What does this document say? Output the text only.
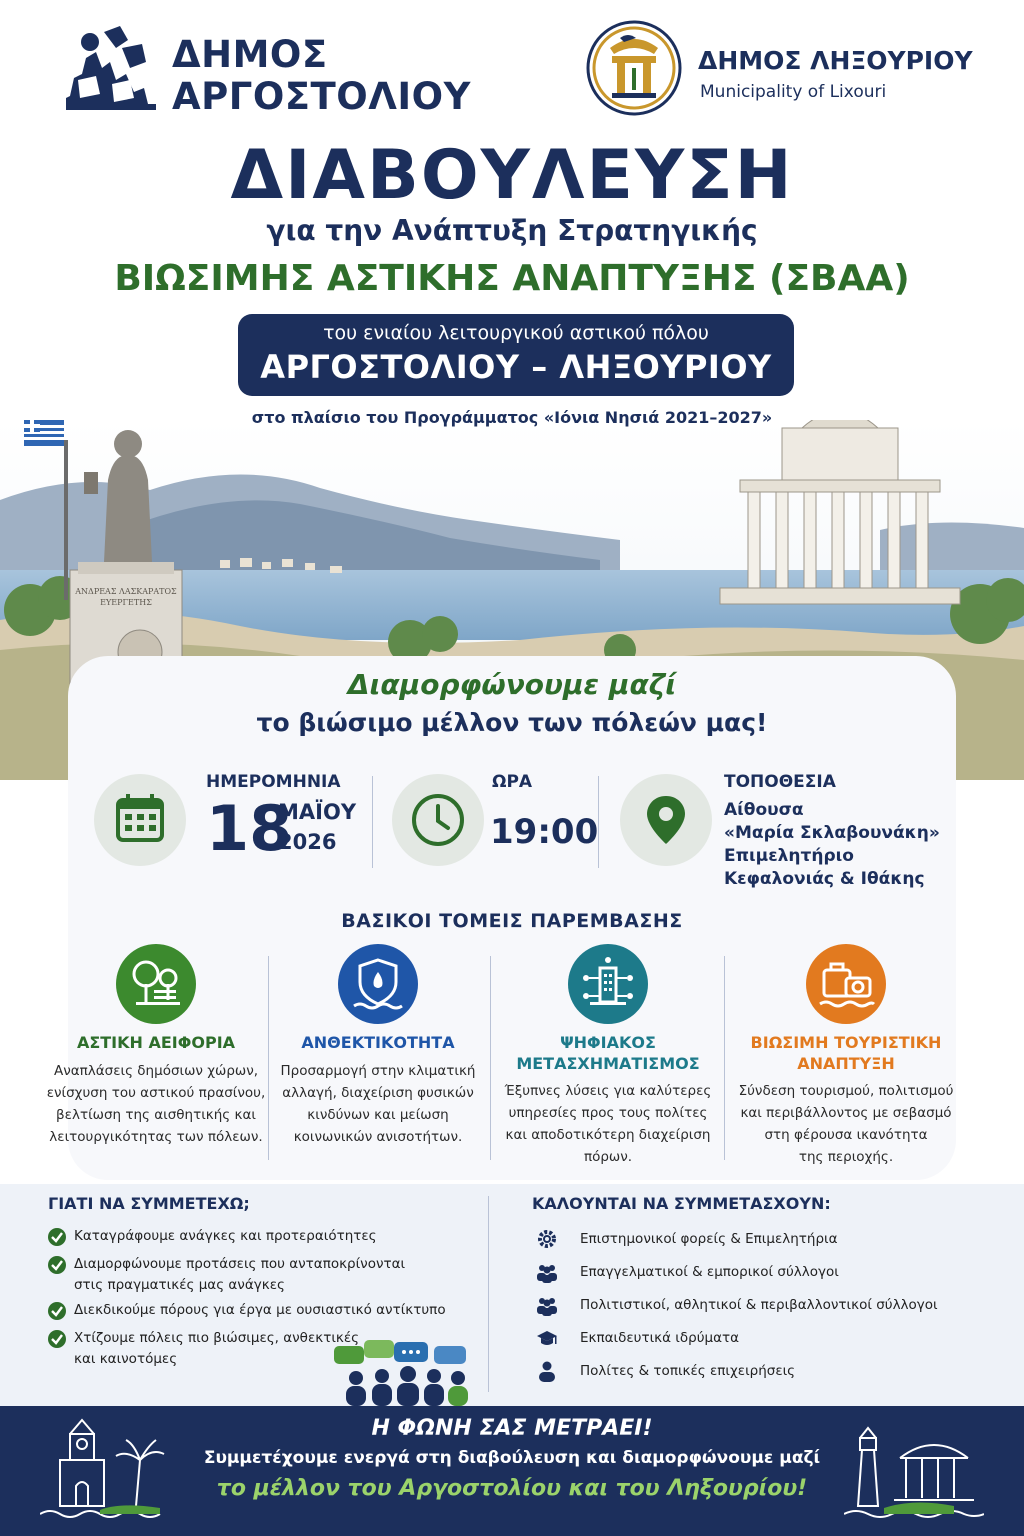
ΔΗΜΟΣ
ΑΡΓΟΣΤΟΛΙΟΥ
ΔΗΜΟΣ ΛΗΞΟΥΡΙΟΥ
Municipality of Lixouri
ΔΙΑΒΟΥΛΕΥΣΗ
για την Ανάπτυξη Στρατηγικής
ΒΙΩΣΙΜΗΣ ΑΣΤΙΚΗΣ ΑΝΑΠΤΥΞΗΣ (ΣΒΑΑ)
του ενιαίου λειτουργικού αστικού πόλου
ΑΡΓΟΣΤΟΛΙΟΥ – ΛΗΞΟΥΡΙΟΥ
στο πλαίσιο του Προγράμματος «Ιόνια Νησιά 2021–2027»
ΑΝΔΡΕΑΣ ΛΑΣΚΑΡΑΤΟΣ
ΕΥΕΡΓΕΤΗΣ
Διαμορφώνουμε μαζί
το βιώσιμο μέλλον των πόλεών μας!
ΗΜΕΡΟΜΗΝΙΑ
18
ΜΑΪΟΥ
2026
ΩΡΑ
19:00
ΤΟΠΟΘΕΣΙΑ
Αίθουσα
«Μαρία Σκλαβουνάκη»
Επιμελητήριο
Κεφαλονιάς & Ιθάκης
ΒΑΣΙΚΟΙ ΤΟΜΕΙΣ ΠΑΡΕΜΒΑΣΗΣ
ΑΣΤΙΚΗ ΑΕΙΦΟΡΙΑ
Αναπλάσεις δημόσιων χώρων,
ενίσχυση του αστικού πρασίνου,
βελτίωση της αισθητικής και
λειτουργικότητας των πόλεων.
ΑΝΘΕΚΤΙΚΟΤΗΤΑ
Προσαρμογή στην κλιματική
αλλαγή, διαχείριση φυσικών
κινδύνων και μείωση
κοινωνικών ανισοτήτων.
ΨΗΦΙΑΚΟΣ
ΜΕΤΑΣΧΗΜΑΤΙΣΜΟΣ
Έξυπνες λύσεις για καλύτερες
υπηρεσίες προς τους πολίτες
και αποδοτικότερη διαχείριση
πόρων.
ΒΙΩΣΙΜΗ ΤΟΥΡΙΣΤΙΚΗ
ΑΝΑΠΤΥΞΗ
Σύνδεση τουρισμού, πολιτισμού
και περιβάλλοντος με σεβασμό
στη φέρουσα ικανότητα
της περιοχής.
ΓΙΑΤΙ ΝΑ ΣΥΜΜΕΤΕΧΩ;
Καταγράφουμε ανάγκες και προτεραιότητες
Διαμορφώνουμε προτάσεις που ανταποκρίνονται
στις πραγματικές μας ανάγκες
Διεκδικούμε πόρους για έργα με ουσιαστικό αντίκτυπο
Χτίζουμε πόλεις πιο βιώσιμες, ανθεκτικές
και καινοτόμες
ΚΑΛΟΥΝΤΑΙ ΝΑ ΣΥΜΜΕΤΑΣΧΟΥΝ:
Επιστημονικοί φορείς & Επιμελητήρια
Επαγγελματικοί & εμπορικοί σύλλογοι
Πολιτιστικοί, αθλητικοί & περιβαλλοντικοί σύλλογοι
Εκπαιδευτικά ιδρύματα
Πολίτες & τοπικές επιχειρήσεις
Η ΦΩΝΗ ΣΑΣ ΜΕΤΡΑΕΙ!
Συμμετέχουμε ενεργά στη διαβούλευση και διαμορφώνουμε μαζί
το μέλλον του Αργοστολίου και του Ληξουρίου!
